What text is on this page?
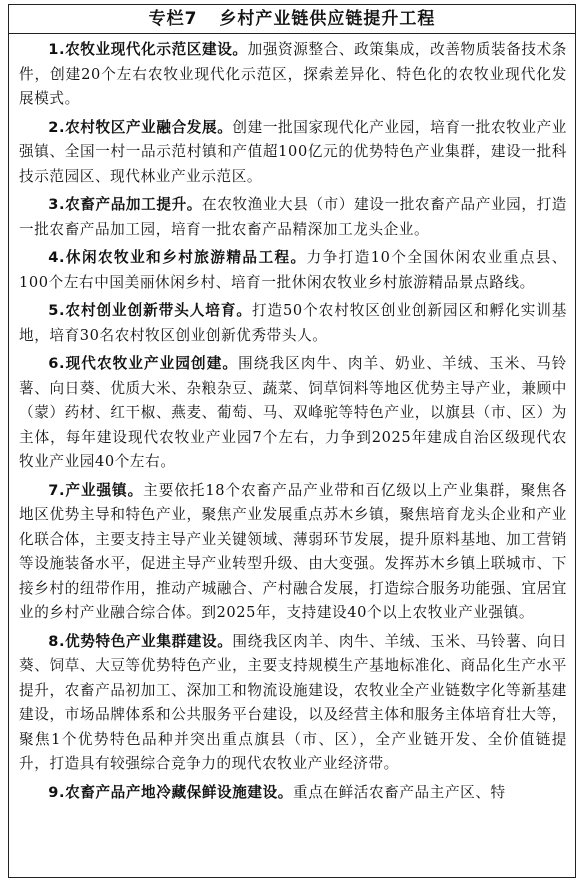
专栏7 乡村产业链供应链提升工程

1.农牧业现代化示范区建设。加强资源整合、政策集成，改善物质装备技术条件，创建20个左右农牧业现代化示范区，探索差异化、特色化的农牧业现代化发展模式。

2.农村牧区产业融合发展。创建一批国家现代化产业园，培育一批农牧业产业强镇、全国一村一品示范村镇和产值超100亿元的优势特色产业集群，建设一批科技示范园区、现代林业产业示范区。

3.农畜产品加工提升。在农牧渔业大县（市）建设一批农畜产品产业园，打造一批农畜产品加工园，培育一批农畜产品精深加工龙头企业。

4.休闲农牧业和乡村旅游精品工程。力争打造10个全国休闲农业重点县、100个左右中国美丽休闲乡村、培育一批休闲农牧业乡村旅游精品景点路线。

5.农村创业创新带头人培育。打造50个农村牧区创业创新园区和孵化实训基地，培育30名农村牧区创业创新优秀带头人。

6.现代农牧业产业园创建。围绕我区肉牛、肉羊、奶业、羊绒、玉米、马铃薯、向日葵、优质大米、杂粮杂豆、蔬菜、饲草饲料等地区优势主导产业，兼顾中（蒙）药材、红干椒、燕麦、葡萄、马、双峰驼等特色产业，以旗县（市、区）为主体，每年建设现代农牧业产业园7个左右，力争到2025年建成自治区级现代农牧业产业园40个左右。

7.产业强镇。主要依托18个农畜产品产业带和百亿级以上产业集群，聚焦各地区优势主导和特色产业，聚焦产业发展重点苏木乡镇，聚焦培育龙头企业和产业化联合体，主要支持主导产业关键领域、薄弱环节发展，提升原料基地、加工营销等设施装备水平，促进主导产业转型升级、由大变强。发挥苏木乡镇上联城市、下接乡村的纽带作用，推动产城融合、产村融合发展，打造综合服务功能强、宜居宜业的乡村产业融合综合体。到2025年，支持建设40个以上农牧业产业强镇。

8.优势特色产业集群建设。围绕我区肉羊、肉牛、羊绒、玉米、马铃薯、向日葵、饲草、大豆等优势特色产业，主要支持规模生产基地标准化、商品化生产水平提升，农畜产品初加工、深加工和物流设施建设，农牧业全产业链数字化等新基建建设，市场品牌体系和公共服务平台建设，以及经营主体和服务主体培育壮大等，聚焦1个优势特色品种并突出重点旗县（市、区），全产业链开发、全价值链提升，打造具有较强综合竞争力的现代农牧业产业经济带。

9.农畜产品产地冷藏保鲜设施建设。重点在鲜活农畜产品主产区、特
